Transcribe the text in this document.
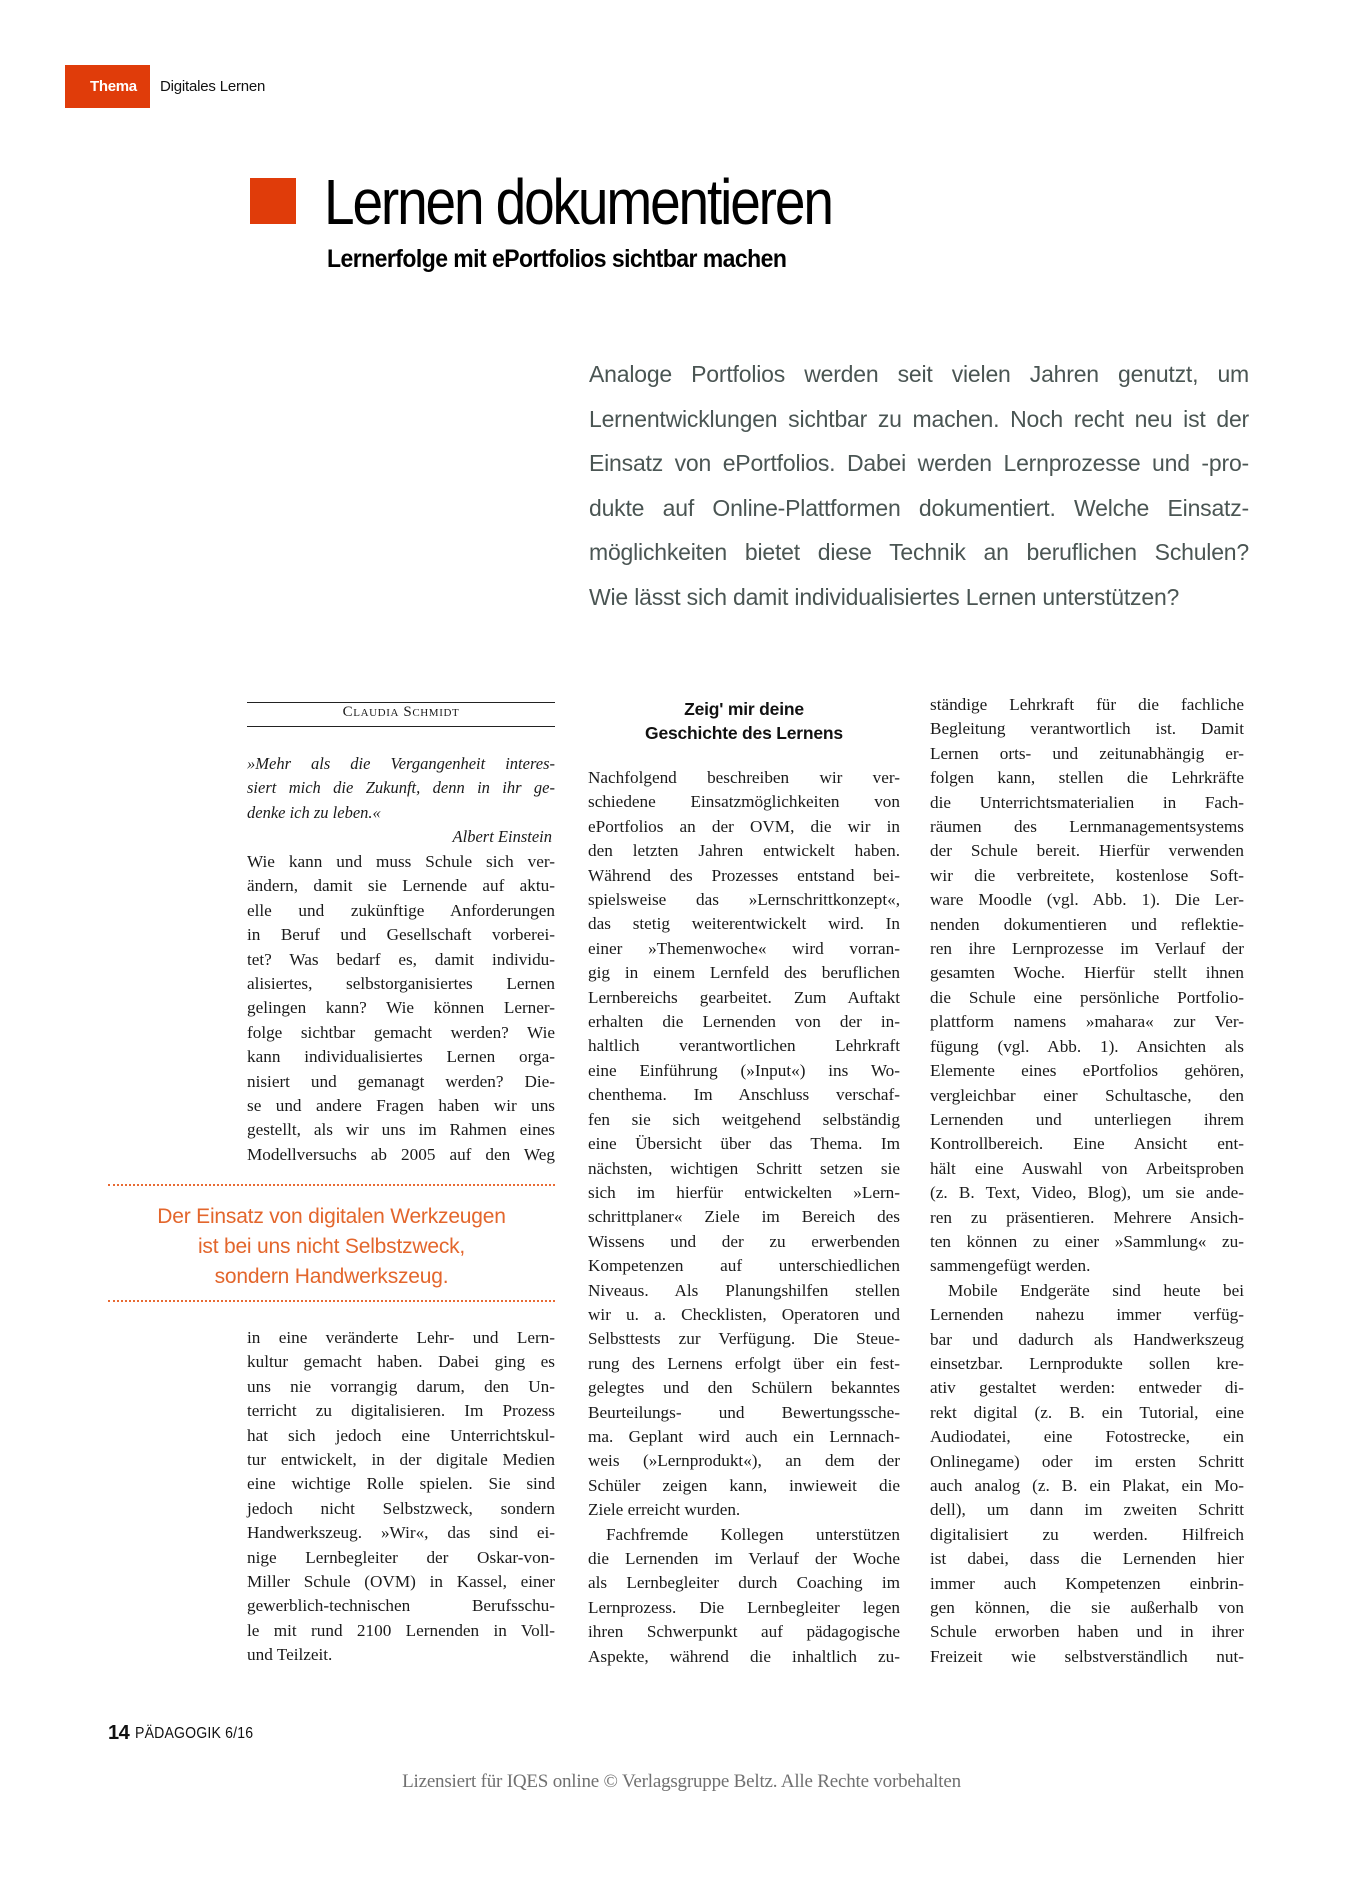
Thema Digitales Lernen
Lernen dokumentieren
Lernerfolge mit ePortfolios sichtbar machen
Analoge Portfolios werden seit vielen Jahren genutzt, um
Lernentwicklungen sichtbar zu machen. Noch recht neu ist der
Einsatz von ePortfolios. Dabei werden Lernprozesse und -pro-
dukte auf Online-Plattformen dokumentiert. Welche Einsatz-
möglichkeiten bietet diese Technik an beruflichen Schulen?
Wie lässt sich damit individualisiertes Lernen unterstützen?
Claudia Schmidt
»Mehr als die Vergangenheit interes-
siert mich die Zukunft, denn in ihr ge-
denke ich zu leben.«
Albert Einstein
Wie kann und muss Schule sich ver-
ändern, damit sie Lernende auf aktu-
elle und zukünftige Anforderungen
in Beruf und Gesellschaft vorberei-
tet? Was bedarf es, damit individu-
alisiertes, selbstorganisiertes Lernen
gelingen kann? Wie können Lerner-
folge sichtbar gemacht werden? Wie
kann individualisiertes Lernen orga-
nisiert und gemanagt werden? Die-
se und andere Fragen haben wir uns
gestellt, als wir uns im Rahmen eines
Modellversuchs ab 2005 auf den Weg
Der Einsatz von digitalen Werkzeugen
ist bei uns nicht Selbstzweck,
sondern Handwerkszeug.
in eine veränderte Lehr- und Lern-
kultur gemacht haben. Dabei ging es
uns nie vorrangig darum, den Un-
terricht zu digitalisieren. Im Prozess
hat sich jedoch eine Unterrichtskul-
tur entwickelt, in der digitale Medien
eine wichtige Rolle spielen. Sie sind
jedoch nicht Selbstzweck, sondern
Handwerkszeug. »Wir«, das sind ei-
nige Lernbegleiter der Oskar-von-
Miller Schule (OVM) in Kassel, einer
gewerblich-technischen Berufsschu-
le mit rund 2100 Lernenden in Voll-
und Teilzeit.
Zeig' mir deine
Geschichte des Lernens
Nachfolgend beschreiben wir ver-
schiedene Einsatzmöglichkeiten von
ePortfolios an der OVM, die wir in
den letzten Jahren entwickelt haben.
Während des Prozesses entstand bei-
spielsweise das »Lernschrittkonzept«,
das stetig weiterentwickelt wird. In
einer »Themenwoche« wird vorran-
gig in einem Lernfeld des beruflichen
Lernbereichs gearbeitet. Zum Auftakt
erhalten die Lernenden von der in-
haltlich verantwortlichen Lehrkraft
eine Einführung (»Input«) ins Wo-
chenthema. Im Anschluss verschaf-
fen sie sich weitgehend selbständig
eine Übersicht über das Thema. Im
nächsten, wichtigen Schritt setzen sie
sich im hierfür entwickelten »Lern-
schrittplaner« Ziele im Bereich des
Wissens und der zu erwerbenden
Kompetenzen auf unterschiedlichen
Niveaus. Als Planungshilfen stellen
wir u. a. Checklisten, Operatoren und
Selbsttests zur Verfügung. Die Steue-
rung des Lernens erfolgt über ein fest-
gelegtes und den Schülern bekanntes
Beurteilungs- und Bewertungssche-
ma. Geplant wird auch ein Lernnach-
weis (»Lernprodukt«), an dem der
Schüler zeigen kann, inwieweit die
Ziele erreicht wurden.
Fachfremde Kollegen unterstützen
die Lernenden im Verlauf der Woche
als Lernbegleiter durch Coaching im
Lernprozess. Die Lernbegleiter legen
ihren Schwerpunkt auf pädagogische
Aspekte, während die inhaltlich zu-
ständige Lehrkraft für die fachliche
Begleitung verantwortlich ist. Damit
Lernen orts- und zeitunabhängig er-
folgen kann, stellen die Lehrkräfte
die Unterrichtsmaterialien in Fach-
räumen des Lernmanagementsystems
der Schule bereit. Hierfür verwenden
wir die verbreitete, kostenlose Soft-
ware Moodle (vgl. Abb. 1). Die Ler-
nenden dokumentieren und reflektie-
ren ihre Lernprozesse im Verlauf der
gesamten Woche. Hierfür stellt ihnen
die Schule eine persönliche Portfolio-
plattform namens »mahara« zur Ver-
fügung (vgl. Abb. 1). Ansichten als
Elemente eines ePortfolios gehören,
vergleichbar einer Schultasche, den
Lernenden und unterliegen ihrem
Kontrollbereich. Eine Ansicht ent-
hält eine Auswahl von Arbeitsproben
(z. B. Text, Video, Blog), um sie ande-
ren zu präsentieren. Mehrere Ansich-
ten können zu einer »Sammlung« zu-
sammengefügt werden.
Mobile Endgeräte sind heute bei
Lernenden nahezu immer verfüg-
bar und dadurch als Handwerkszeug
einsetzbar. Lernprodukte sollen kre-
ativ gestaltet werden: entweder di-
rekt digital (z. B. ein Tutorial, eine
Audiodatei, eine Fotostrecke, ein
Onlinegame) oder im ersten Schritt
auch analog (z. B. ein Plakat, ein Mo-
dell), um dann im zweiten Schritt
digitalisiert zu werden. Hilfreich
ist dabei, dass die Lernenden hier
immer auch Kompetenzen einbrin-
gen können, die sie außerhalb von
Schule erworben haben und in ihrer
Freizeit wie selbstverständlich nut-
14 PÄDAGOGIK 6/16
Lizensiert für IQES online © Verlagsgruppe Beltz. Alle Rechte vorbehalten
